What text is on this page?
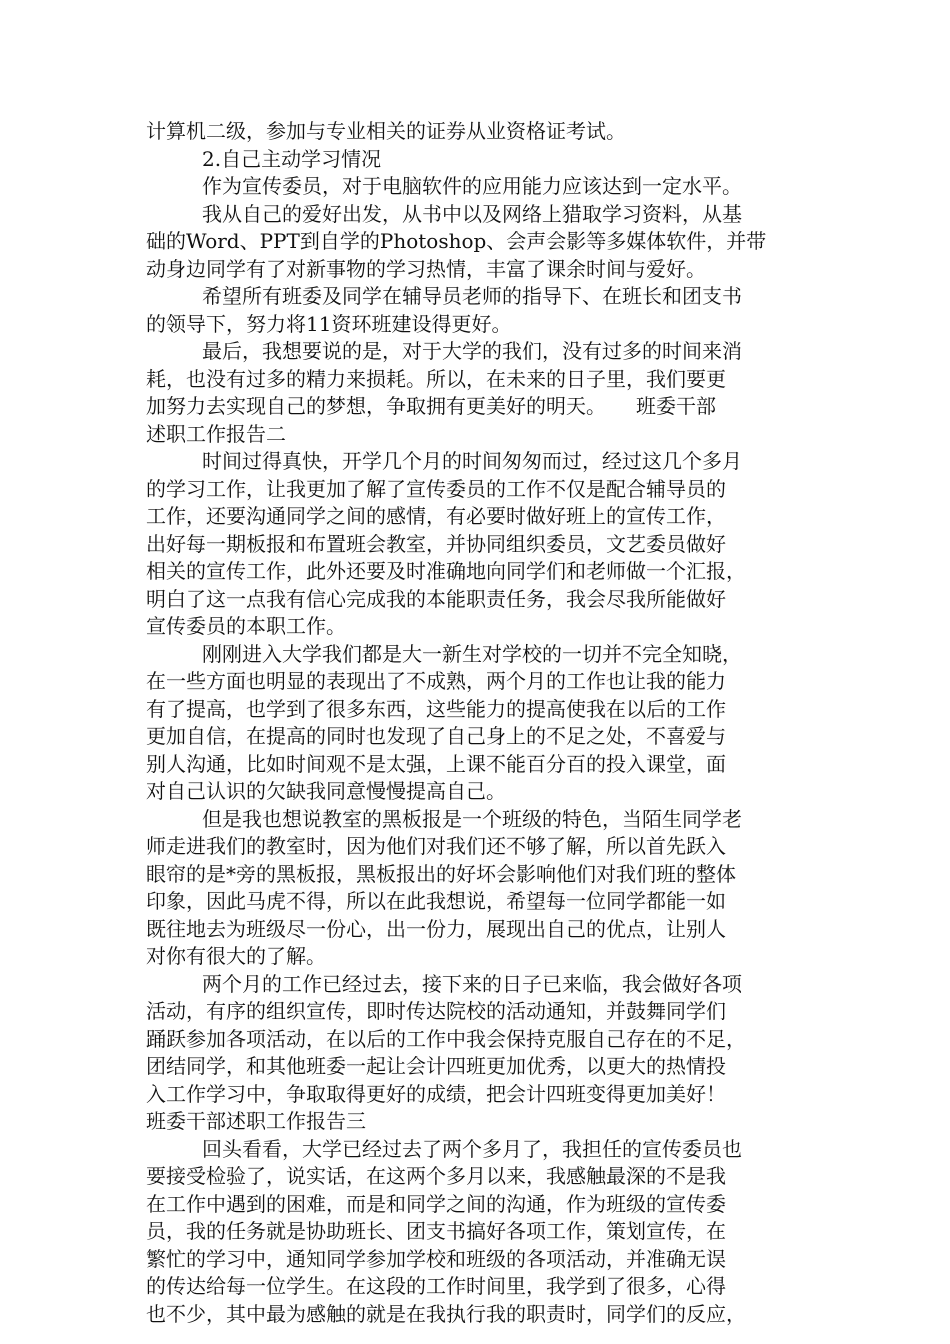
计算机二级，参加与专业相关的证券从业资格证考试。
2.自己主动学习情况
作为宣传委员，对于电脑软件的应用能力应该达到一定水平。
我从自己的爱好出发，从书中以及网络上猎取学习资料，从基
础的Word、PPT到自学的Photoshop、会声会影等多媒体软件，并带
动身边同学有了对新事物的学习热情，丰富了课余时间与爱好。
希望所有班委及同学在辅导员老师的指导下、在班长和团支书
的领导下，努力将11资环班建设得更好。
最后，我想要说的是，对于大学的我们，没有过多的时间来消
耗，也没有过多的精力来损耗。所以，在未来的日子里，我们要更
加努力去实现自己的梦想，争取拥有更美好的明天。　　班委干部
述职工作报告二
时间过得真快，开学几个月的时间匆匆而过，经过这几个多月
的学习工作，让我更加了解了宣传委员的工作不仅是配合辅导员的
工作，还要沟通同学之间的感情，有必要时做好班上的宣传工作，
出好每一期板报和布置班会教室，并协同组织委员，文艺委员做好
相关的宣传工作，此外还要及时准确地向同学们和老师做一个汇报，
明白了这一点我有信心完成我的本能职责任务，我会尽我所能做好
宣传委员的本职工作。
刚刚进入大学我们都是大一新生对学校的一切并不完全知晓，
在一些方面也明显的表现出了不成熟，两个月的工作也让我的能力
有了提高，也学到了很多东西，这些能力的提高使我在以后的工作
更加自信，在提高的同时也发现了自己身上的不足之处，不喜爱与
别人沟通，比如时间观不是太强，上课不能百分百的投入课堂，面
对自己认识的欠缺我同意慢慢提高自己。
但是我也想说教室的黑板报是一个班级的特色，当陌生同学老
师走进我们的教室时，因为他们对我们还不够了解，所以首先跃入
眼帘的是*旁的黑板报，黑板报出的好坏会影响他们对我们班的整体
印象，因此马虎不得，所以在此我想说，希望每一位同学都能一如
既往地去为班级尽一份心，出一份力，展现出自己的优点，让别人
对你有很大的了解。
两个月的工作已经过去，接下来的日子已来临，我会做好各项
活动，有序的组织宣传，即时传达院校的活动通知，并鼓舞同学们
踊跃参加各项活动，在以后的工作中我会保持克服自己存在的不足，
团结同学，和其他班委一起让会计四班更加优秀，以更大的热情投
入工作学习中，争取取得更好的成绩，把会计四班变得更加美好！
班委干部述职工作报告三
回头看看，大学已经过去了两个多月了，我担任的宣传委员也
要接受检验了，说实话，在这两个多月以来，我感触最深的不是我
在工作中遇到的困难，而是和同学之间的沟通，作为班级的宣传委
员，我的任务就是协助班长、团支书搞好各项工作，策划宣传，在
繁忙的学习中，通知同学参加学校和班级的各项活动，并准确无误
的传达给每一位学生。在这段的工作时间里，我学到了很多，心得
也不少，其中最为感触的就是在我执行我的职责时，同学们的反应，
